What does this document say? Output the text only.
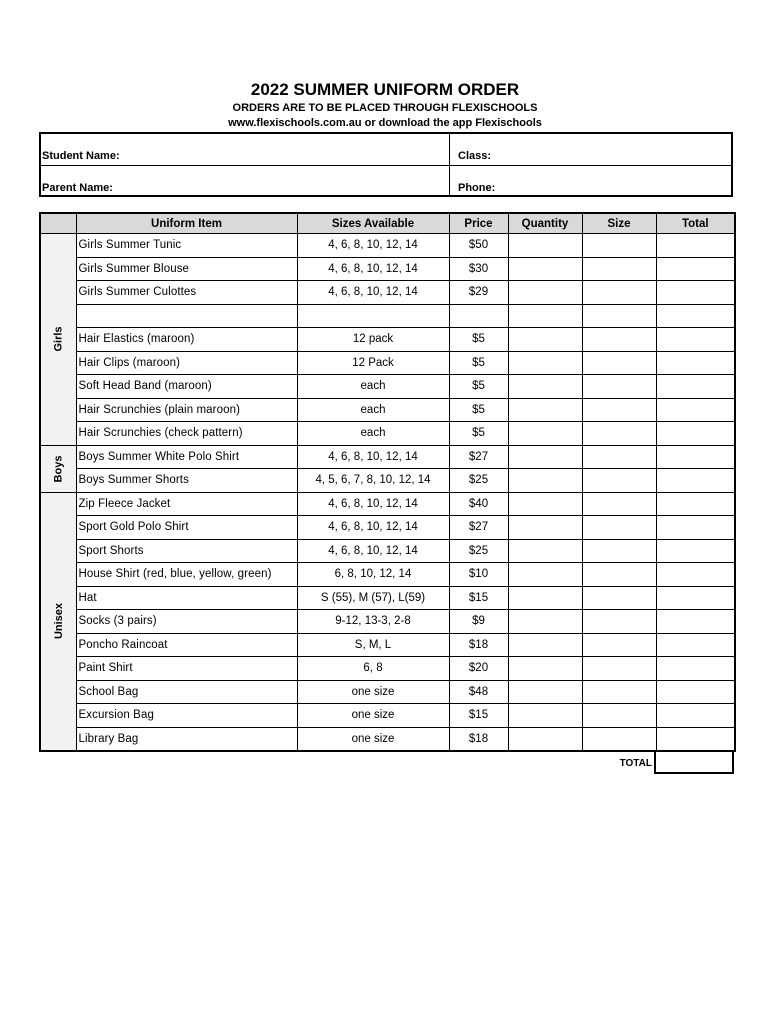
2022 SUMMER UNIFORM ORDER
ORDERS ARE TO BE PLACED THROUGH FLEXISCHOOLS
www.flexischools.com.au or download the app Flexischools
Student Name:	Class:
Parent Name:	Phone:
	Uniform Item	Sizes Available	Price	Quantity	Size	Total
Girls	Girls Summer Tunic	4, 6, 8, 10, 12, 14	$50			
	Girls Summer Blouse	4, 6, 8, 10, 12, 14	$30			
	Girls Summer Culottes	4, 6, 8, 10, 12, 14	$29			

	Hair Elastics (maroon)	12 pack	$5			
	Hair Clips (maroon)	12 Pack	$5			
	Soft Head Band (maroon)	each	$5			
	Hair Scrunchies (plain maroon)	each	$5			
	Hair Scrunchies (check pattern)	each	$5			
Boys	Boys Summer White Polo Shirt	4, 6, 8, 10, 12, 14	$27			
	Boys Summer Shorts	4, 5, 6, 7, 8, 10, 12, 14	$25			
Unisex	Zip Fleece Jacket	4, 6, 8, 10, 12, 14	$40			
	Sport Gold Polo Shirt	4, 6, 8, 10, 12, 14	$27			
	Sport Shorts	4, 6, 8, 10, 12, 14	$25			
	House Shirt (red, blue, yellow, green)	6, 8, 10, 12, 14	$10			
	Hat	S (55), M (57), L(59)	$15			
	Socks (3 pairs)	9-12, 13-3, 2-8	$9			
	Poncho Raincoat	S, M, L	$18			
	Paint Shirt	6, 8	$20			
	School Bag	one size	$48			
	Excursion Bag	one size	$15			
	Library Bag	one size	$18			
TOTAL
